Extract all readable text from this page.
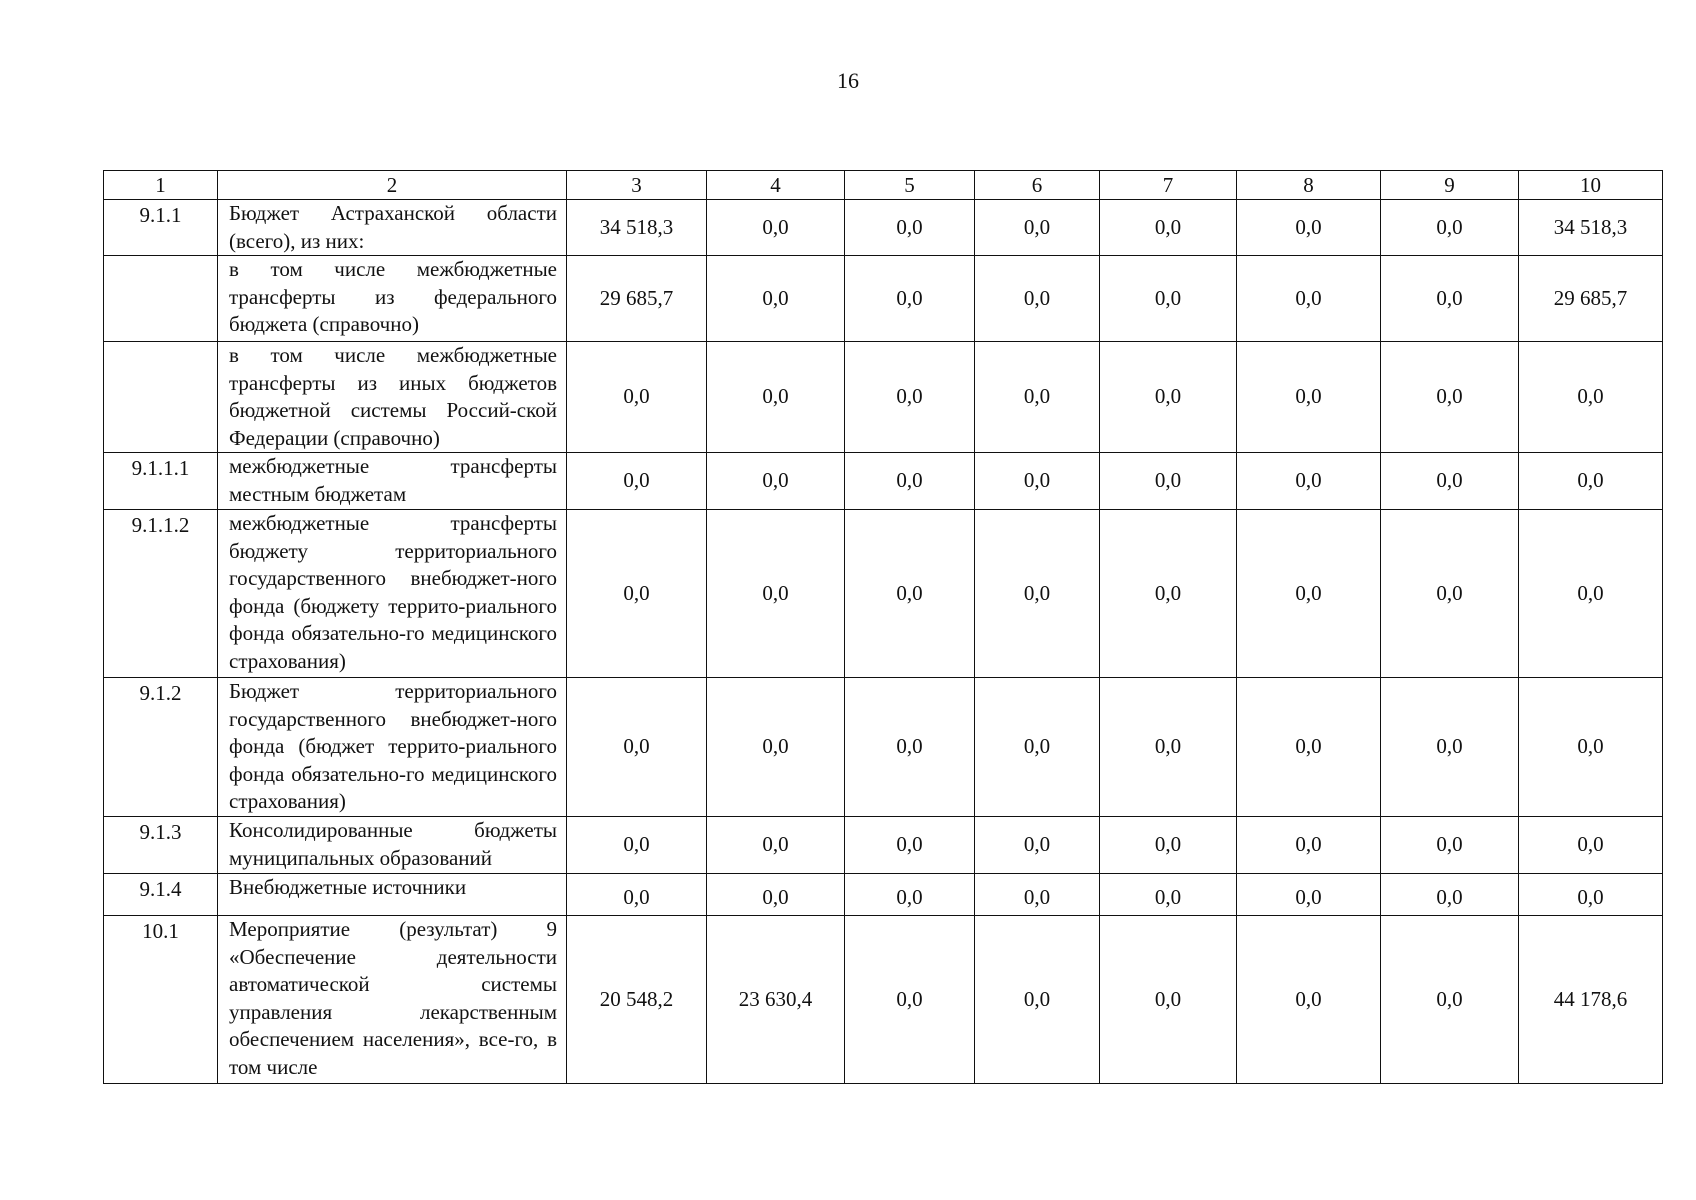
16
1	2	3	4	5	6	7	8	9	10
9.1.1	Бюджет Астраханской области (всего), из них:	34 518,3	0,0	0,0	0,0	0,0	0,0	0,0	34 518,3
	в том числе межбюджетные трансферты из федерального бюджета (справочно)	29 685,7	0,0	0,0	0,0	0,0	0,0	0,0	29 685,7
	в том числе межбюджетные трансферты из иных бюджетов бюджетной системы Россий-ской Федерации (справочно)	0,0	0,0	0,0	0,0	0,0	0,0	0,0	0,0
9.1.1.1	межбюджетные трансферты местным бюджетам	0,0	0,0	0,0	0,0	0,0	0,0	0,0	0,0
9.1.1.2	межбюджетные трансферты бюджету территориального государственного внебюджет-ного фонда (бюджету террито-риального фонда обязательно-го медицинского страхования)	0,0	0,0	0,0	0,0	0,0	0,0	0,0	0,0
9.1.2	Бюджет территориального государственного внебюджет-ного фонда (бюджет террито-риального фонда обязательно-го медицинского страхования)	0,0	0,0	0,0	0,0	0,0	0,0	0,0	0,0
9.1.3	Консолидированные бюджеты муниципальных образований	0,0	0,0	0,0	0,0	0,0	0,0	0,0	0,0
9.1.4	Внебюджетные источники	0,0	0,0	0,0	0,0	0,0	0,0	0,0	0,0
10.1	Мероприятие (результат) 9 «Обеспечение деятельности автоматической системы управления лекарственным обеспечением населения», все-го, в том числе	20 548,2	23 630,4	0,0	0,0	0,0	0,0	0,0	44 178,6
